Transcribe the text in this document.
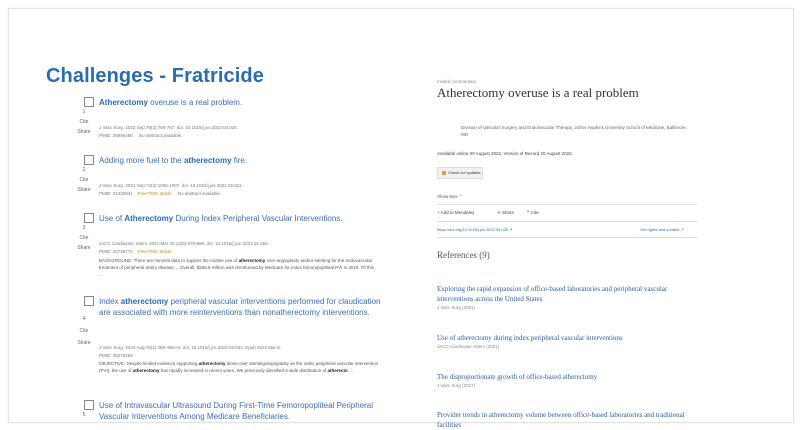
Challenges - Fratricide
1
Cite
Share
Atherectomy overuse is a real problem.
J Vasc Surg. 2022 Sep;76(3):786-787. doi: 10.1016/j.jvs.2022.04.026.
PMID: 35995485 No abstract available.
2
Cite
Share
Adding more fuel to the atherectomy fire.
J Vasc Surg. 2021 Sep;74(3):1006-1007. doi: 10.1016/j.jvs.2021.02.011.
PMID: 34425941 Free PMC article. No abstract available.
3
Cite
Share
Use of Atherectomy During Index Peripheral Vascular Interventions.
JACC Cardiovasc Interv. 2021 Mar 22;14(6):678-688. doi: 10.1016/j.jcin.2021.01.004.
PMID: 33736774 Free PMC article.
BACKGROUND: There are minimal data to support the routine use of atherectomy over angioplasty and/or stenting for the endovascular treatment of peripheral artery disease. ...Overall, $266.8 million was reimbursed by Medicare for index femoropopliteal PVI in 2019. Of this, ...
4
Cite
Share
Index atherectomy peripheral vascular interventions performed for claudication are associated with more reinterventions than nonatherectomy interventions.
J Vasc Surg. 2022 Aug;76(2):489-498.e4. doi: 10.1016/j.jvs.2022.02.034. Epub 2022 Mar 8.
PMID: 35276258
OBJECTIVE: Despite limited evidence supporting atherectomy alone over stenting/angioplasty as the index peripheral vascular intervention (PVI), the use of atherectomy has rapidly increased in recent years. We previously identified a wide distribution of atherecto ...
5
Use of Intravascular Ultrasound During First-Time Femoropopliteal Peripheral Vascular Interventions Among Medicare Beneficiaries.
Invited commentary
Atherectomy overuse is a real problem
Division of Vascular Surgery and Endovascular Therapy, Johns Hopkins University School of Medicine, Baltimore, MD
Available online 20 August 2022, Version of Record 20 August 2022.
Check for updates
Show less ⌃
+ Add to Mendeley	⋖ Share	❞ Cite
https://doi.org/10.1016/j.jvs.2022.04.026 ↗	Get rights and content ↗
References (9)
Exploring the rapid expansion of office-based laboratories and peripheral vascular interventions across the United States
J Vasc Surg (2021)
Use of atherectomy during index peripheral vascular interventions
JACC Cardiovasc Interv (2021)
The disproportionate growth of office-based atherectomy
J Vasc Surg (2017)
Provider trends in atherectomy volume between office-based laboratories and traditional facilities
